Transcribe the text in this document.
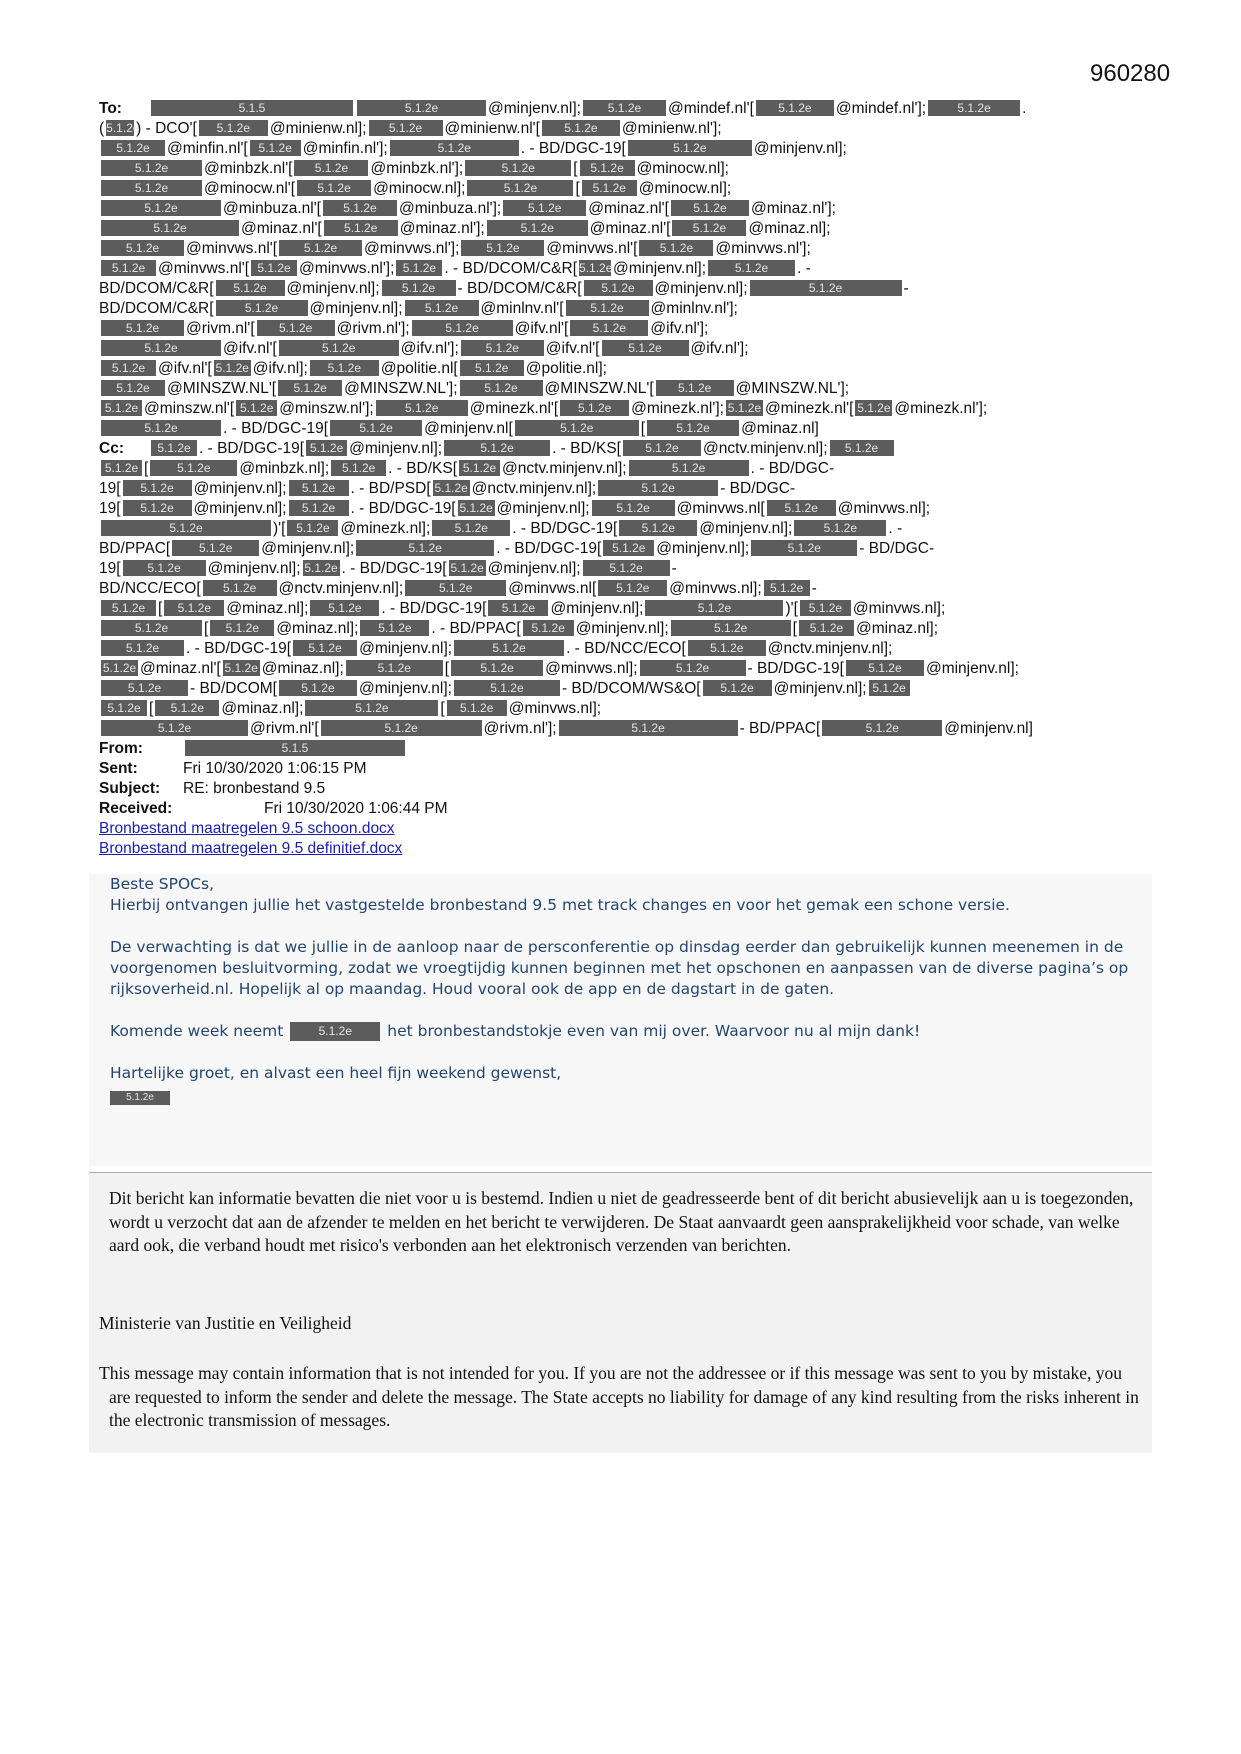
960280
To:	5.1.5	5.1.2e	@minjenv.nl]; 5.1.2e @mindef.nl'[ 5.1.2e @mindef.nl'];	5.1.2e .
( 5.1.2e) - DCO'[ 5.1.2e @minienw.nl]; 5.1.2e @minienw.nl'[ 5.1.2e @minienw.nl'];
5.1.2e @minfin.nl'[ 5.1.2e @minfin.nl'];	5.1.2e	. - BD/DGC-19[	5.1.2e	@minjenv.nl];
5.1.2e @minbzk.nl'[ 5.1.2e @minbzk.nl'];	5.1.2e [ 5.1.2e @minocw.nl];
5.1.2e @minocw.nl'[ 5.1.2e @minocw.nl];	5.1.2e [ 5.1.2e @minocw.nl];
5.1.2e	@minbuza.nl'[ 5.1.2e @minbuza.nl']; 5.1.2e @minaz.nl'[ 5.1.2e @minaz.nl'];
5.1.2e	@minaz.nl'[ 5.1.2e @minaz.nl'];	5.1.2e @minaz.nl'[ 5.1.2e @minaz.nl];
5.1.2e @minvws.nl'[ 5.1.2e @minvws.nl']; 5.1.2e @minvws.nl'[ 5.1.2e @minvws.nl'];
5.1.2e @minvws.nl'[ 5.1.2e @minvws.nl']; 5.1.2e . - BD/DCOM/C&R[ 5.1.2e@minjenv.nl]; 5.1.2e . -
BD/DCOM/C&R[ 5.1.2e @minjenv.nl]; 5.1.2e - BD/DCOM/C&R[ 5.1.2e @minjenv.nl];	5.1.2e	-
BD/DCOM/C&R[	5.1.2e @minjenv.nl]; 5.1.2e @minlnv.nl'[ 5.1.2e @minlnv.nl'];
5.1.2e @rivm.nl'[ 5.1.2e @rivm.nl'];	5.1.2e @ifv.nl'[ 5.1.2e @ifv.nl'];
5.1.2e	@ifv.nl'[	5.1.2e	@ifv.nl']; 5.1.2e @ifv.nl'[ 5.1.2e @ifv.nl'];
5.1.2e @ifv.nl'[ 5.1.2e @ifv.nl]; 5.1.2e @politie.nl[ 5.1.2e @politie.nl];
5.1.2e @MINSZW.NL'[ 5.1.2e @MINSZW.NL']; 5.1.2e @MINSZW.NL'[ 5.1.2e @MINSZW.NL'];
5.1.2e @minszw.nl'[ 5.1.2e @minszw.nl'];	5.1.2e @minezk.nl'[ 5.1.2e @minezk.nl']; 5.1.2e @minezk.nl'[ 5.1.2e @minezk.nl'];
5.1.2e	. - BD/DGC-19[	5.1.2e @minjenv.nl[	5.1.2e	[	5.1.2e @minaz.nl]
Cc:	5.1.2e . - BD/DGC-19[ 5.1.2e @minjenv.nl];	5.1.2e . - BD/KS[ 5.1.2e @nctv.minjenv.nl]; 5.1.2e
5.1.2e [ 5.1.2e @minbzk.nl]; 5.1.2e . - BD/KS[ 5.1.2e @nctv.minjenv.nl];	5.1.2e	. - BD/DGC-
19[ 5.1.2e @minjenv.nl]; 5.1.2e . - BD/PSD[ 5.1.2e @nctv.minjenv.nl];	5.1.2e	- BD/DGC-
19[ 5.1.2e @minjenv.nl]; 5.1.2e . - BD/DGC-19[ 5.1.2e @minjenv.nl]; 5.1.2e @minvws.nl[ 5.1.2e @minvws.nl];
5.1.2e	)'[ 5.1.2e @minezk.nl]; 5.1.2e . - BD/DGC-19[ 5.1.2e @minjenv.nl];	5.1.2e . -
BD/PPAC[ 5.1.2e @minjenv.nl];	5.1.2e	. - BD/DGC-19[ 5.1.2e @minjenv.nl];	5.1.2e - BD/DGC-
19[ 5.1.2e @minjenv.nl]; 5.1.2e . - BD/DGC-19[ 5.1.2e @minjenv.nl]; 5.1.2e -
BD/NCC/ECO[ 5.1.2e @nctv.minjenv.nl];	5.1.2e @minvws.nl[ 5.1.2e @minvws.nl]; 5.1.2e -
5.1.2e [ 5.1.2e @minaz.nl]; 5.1.2e . - BD/DGC-19[ 5.1.2e @minjenv.nl];	5.1.2e	)'[ 5.1.2e @minvws.nl];
5.1.2e [ 5.1.2e @minaz.nl]; 5.1.2e . - BD/PPAC[ 5.1.2e @minjenv.nl];	5.1.2e	[ 5.1.2e @minaz.nl];
5.1.2e . - BD/DGC-19[ 5.1.2e @minjenv.nl];	5.1.2e	. - BD/NCC/ECO[ 5.1.2e @nctv.minjenv.nl];
5.1.2e @minaz.nl'[ 5.1.2e @minaz.nl];	5.1.2e [	5.1.2e @minvws.nl];	5.1.2e - BD/DGC-19[ 5.1.2e @minjenv.nl];
5.1.2e - BD/DCOM[ 5.1.2e @minjenv.nl];	5.1.2e - BD/DCOM/WS&O[ 5.1.2e @minjenv.nl]; 5.1.2e
5.1.2e [ 5.1.2e @minaz.nl];	5.1.2e	[ 5.1.2e @minvws.nl];
5.1.2e	@rivm.nl'[	5.1.2e	@rivm.nl'];	5.1.2e	- BD/PPAC[	5.1.2e	@minjenv.nl]
From:	5.1.5
Sent:	Fri 10/30/2020 1:06:15 PM
Subject: RE: bronbestand 9.5
Received:	Fri 10/30/2020 1:06:44 PM
Bronbestand maatregelen 9.5 schoon.docx
Bronbestand maatregelen 9.5 definitief.docx

Beste SPOCs,

Hierbij ontvangen jullie het vastgestelde bronbestand 9.5 met track changes en voor het gemak een schone versie.

De verwachting is dat we jullie in de aanloop naar de persconferentie op dinsdag eerder dan gebruikelijk kunnen meenemen in de voorgenomen besluitvorming, zodat we vroegtijdig kunnen beginnen met het opschonen en aanpassen van de diverse pagina’s op rijksoverheid.nl. Hopelijk al op maandag. Houd vooral ook de app en de dagstart in de gaten.

Komende week neemt	5.1.2e het bronbestandstokje even van mij over. Waarvoor nu al mijn dank!

Hartelijke groet, en alvast een heel fijn weekend gewenst,

5.1.2e
Dit bericht kan informatie bevatten die niet voor u is bestemd. Indien u niet de geadresseerde bent of dit bericht abusievelijk aan u is toegezonden, wordt u verzocht dat aan de afzender te melden en het bericht te verwijderen. De Staat aanvaardt geen aansprakelijkheid voor schade, van welke aard ook, die verband houdt met risico's verbonden aan het elektronisch verzenden van berichten.
Ministerie van Justitie en Veiligheid
This message may contain information that is not intended for you. If you are not the addressee or if this message was sent to you by mistake, you are requested to inform the sender and delete the message. The State accepts no liability for damage of any kind resulting from the risks inherent in the electronic transmission of messages.
